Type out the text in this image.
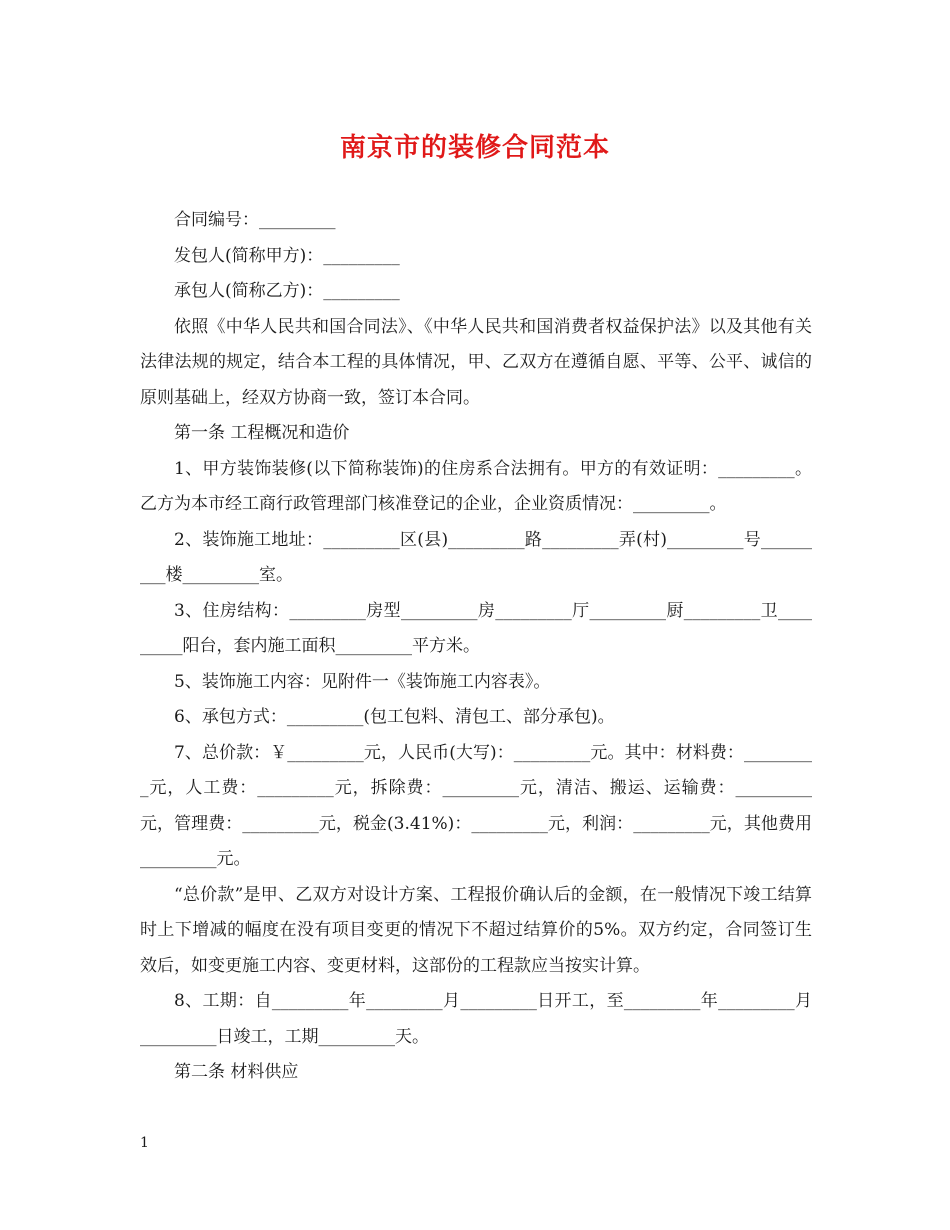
南京市的装修合同范本

合同编号：_________

发包人(简称甲方)：_________

承包人(简称乙方)：_________

依照《中华人民共和国合同法》、《中华人民共和国消费者权益保护法》以及其他有关法律法规的规定，结合本工程的具体情况，甲、乙双方在遵循自愿、平等、公平、诚信的原则基础上，经双方协商一致，签订本合同。

第一条 工程概况和造价

1、甲方装饰装修(以下简称装饰)的住房系合法拥有。甲方的有效证明：_________。乙方为本市经工商行政管理部门核准登记的企业，企业资质情况：_________。

2、装饰施工地址：_________区(县)_________路_________弄(村)_________号_________楼_________室。

3、住房结构：_________房型_________房_________厅_________厨_________卫_________阳台，套内施工面积_________平方米。

5、装饰施工内容：见附件一《装饰施工内容表》。

6、承包方式：_________(包工包料、清包工、部分承包)。

7、总价款：￥_________元，人民币(大写)：_________元。其中：材料费：_________元，人工费：_________元，拆除费：_________元，清洁、搬运、运输费：_________元，管理费：_________元，税金(3.41%)：_________元，利润：_________元，其他费用_________元。

“总价款”是甲、乙双方对设计方案、工程报价确认后的金额，在一般情况下竣工结算时上下增减的幅度在没有项目变更的情况下不超过结算价的5%。双方约定，合同签订生效后，如变更施工内容、变更材料，这部份的工程款应当按实计算。

8、工期：自_________年_________月_________日开工，至_________年_________月_________日竣工，工期_________天。

第二条 材料供应

1
